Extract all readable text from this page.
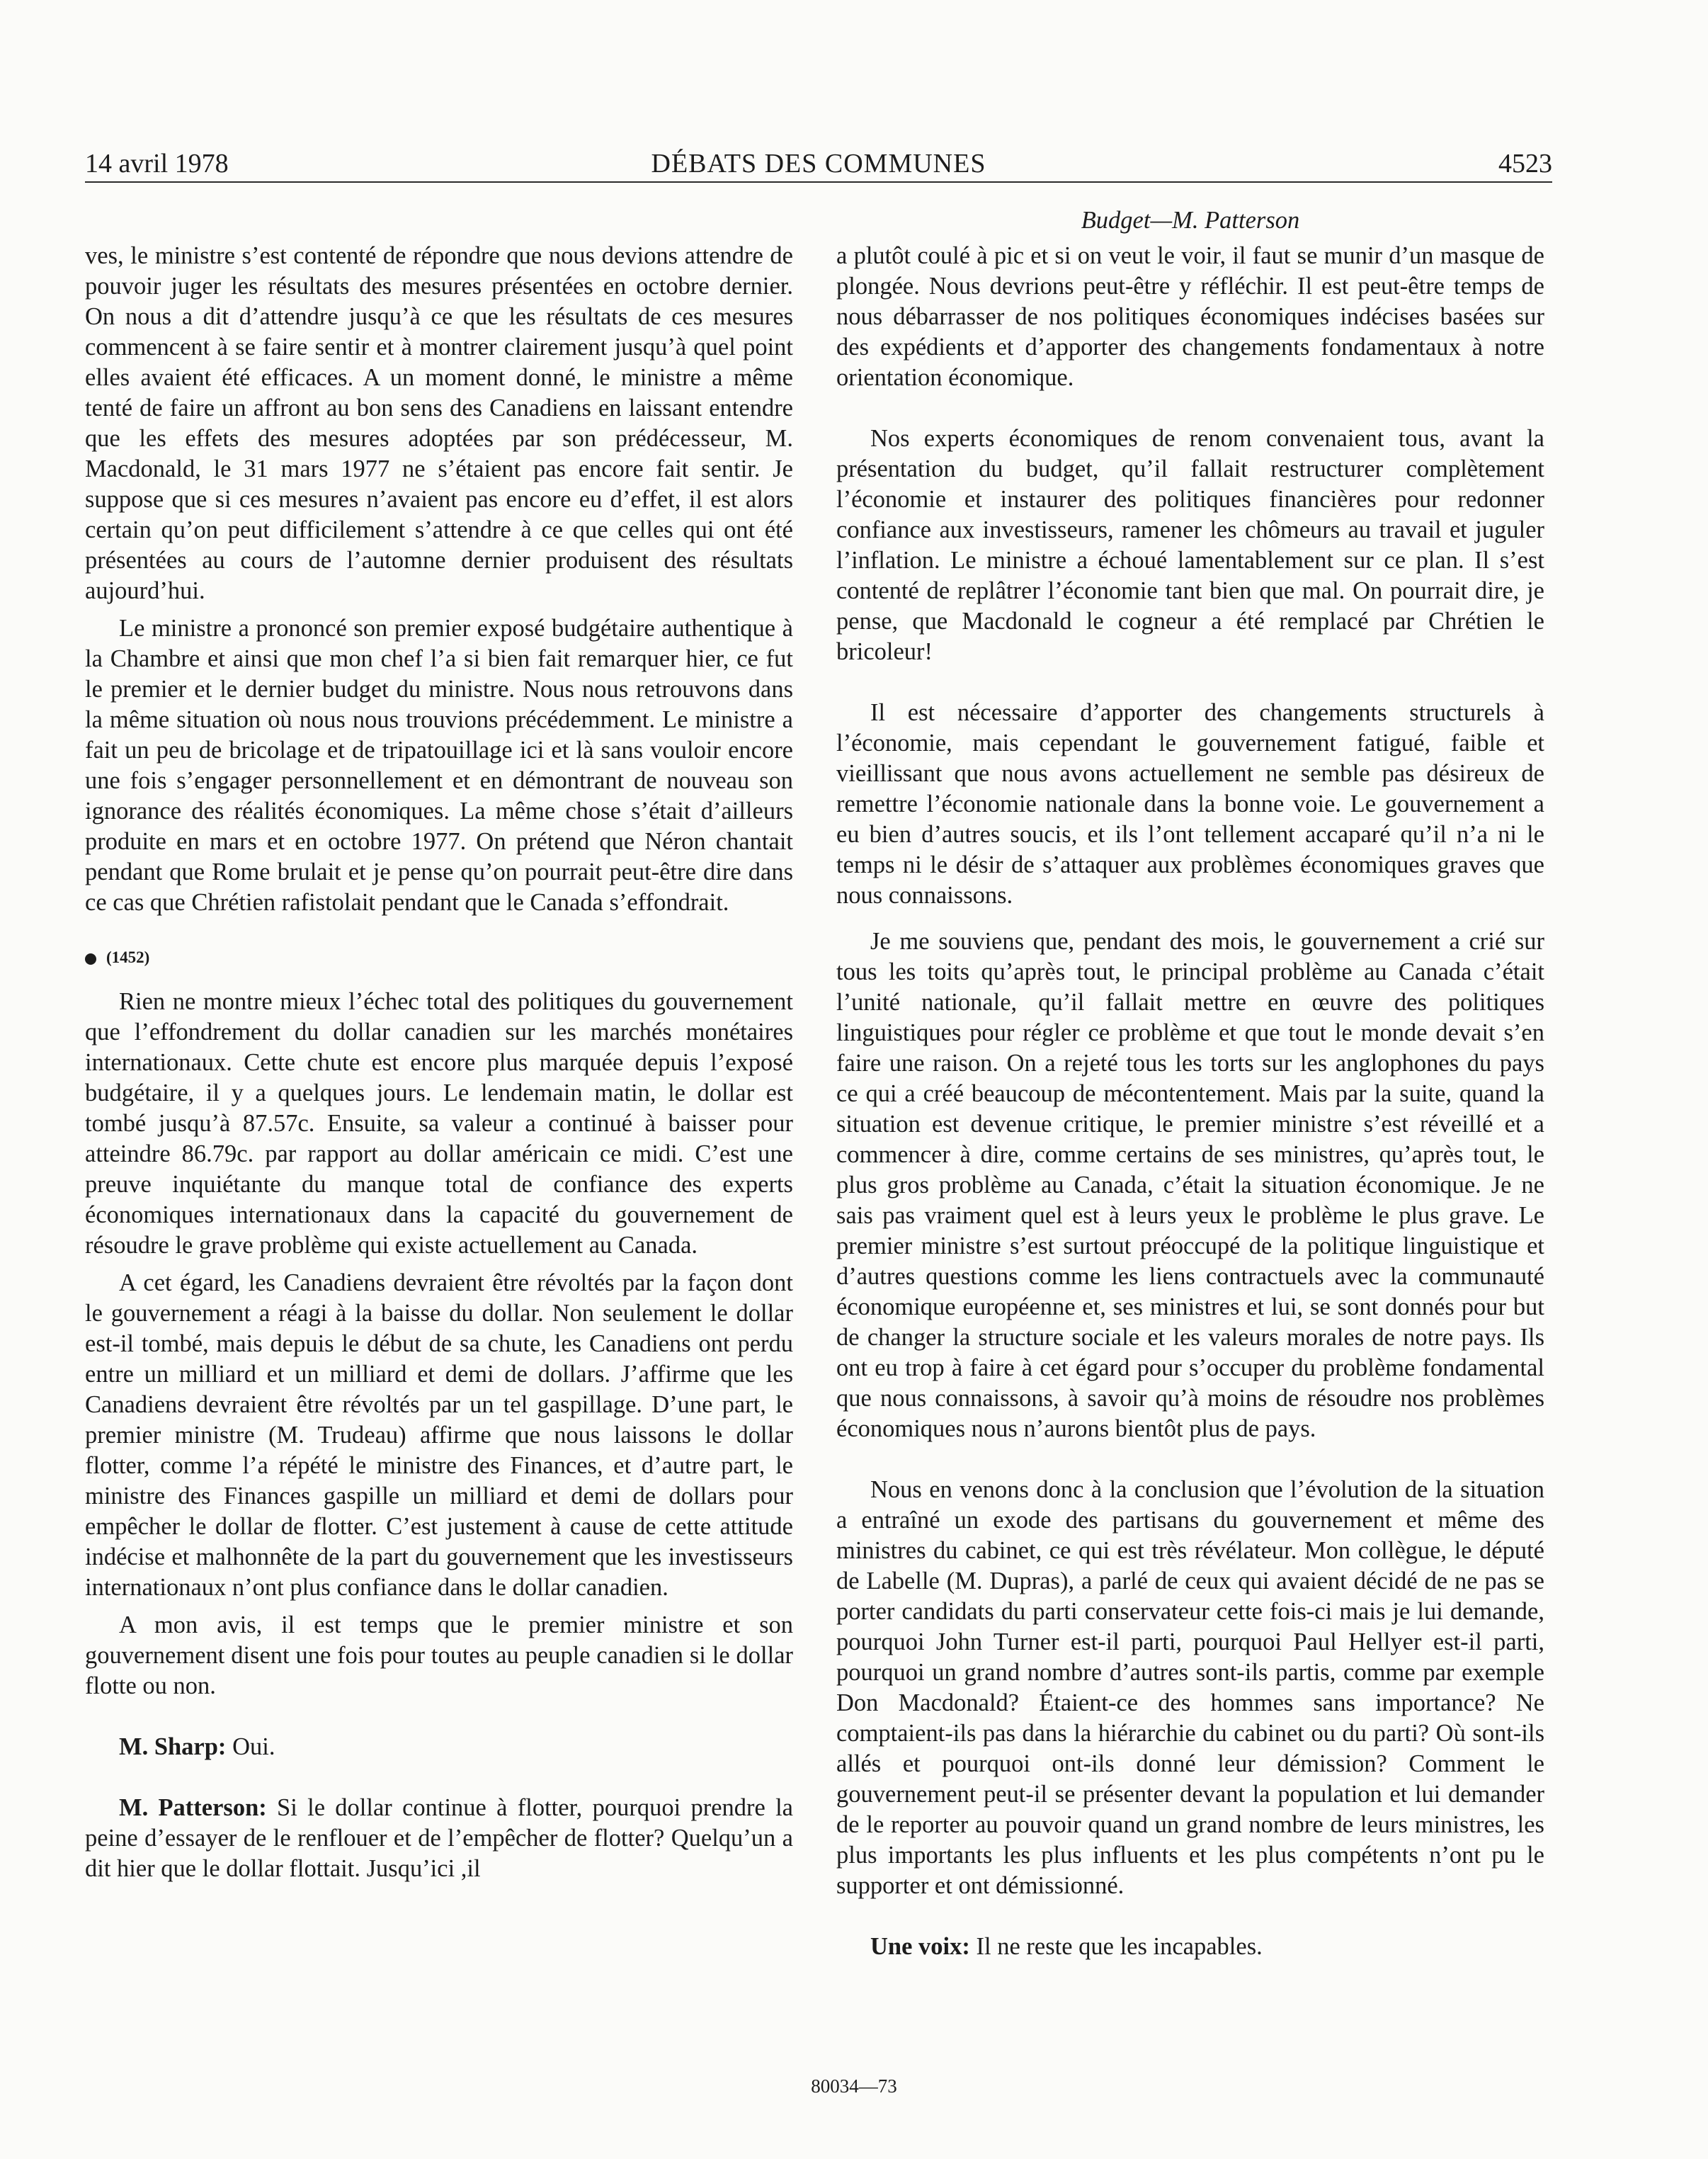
14 avril 1978	DÉBATS DES COMMUNES	4523
Budget—M. Patterson

ves, le ministre s’est contenté de répondre que nous devions attendre de pouvoir juger les résultats des mesures présentées en octobre dernier. On nous a dit d’attendre jusqu’à ce que les résultats de ces mesures commencent à se faire sentir et à montrer clairement jusqu’à quel point elles avaient été efficaces. A un moment donné, le ministre a même tenté de faire un affront au bon sens des Canadiens en laissant entendre que les effets des mesures adoptées par son prédécesseur, M. Macdonald, le 31 mars 1977 ne s’étaient pas encore fait sentir. Je suppose que si ces mesures n’avaient pas encore eu d’effet, il est alors certain qu’on peut difficilement s’attendre à ce que celles qui ont été présentées au cours de l’automne dernier produisent des résultats aujourd’hui.

Le ministre a prononcé son premier exposé budgétaire authentique à la Chambre et ainsi que mon chef l’a si bien fait remarquer hier, ce fut le premier et le dernier budget du ministre. Nous nous retrouvons dans la même situation où nous nous trouvions précédemment. Le ministre a fait un peu de bricolage et de tripatouillage ici et là sans vouloir encore une fois s’engager personnellement et en démontrant de nouveau son ignorance des réalités économiques. La même chose s’était d’ailleurs produite en mars et en octobre 1977. On prétend que Néron chantait pendant que Rome brulait et je pense qu’on pourrait peut-être dire dans ce cas que Chrétien rafistolait pendant que le Canada s’effondrait.

(1452)

Rien ne montre mieux l’échec total des politiques du gouvernement que l’effondrement du dollar canadien sur les marchés monétaires internationaux. Cette chute est encore plus marquée depuis l’exposé budgétaire, il y a quelques jours. Le lendemain matin, le dollar est tombé jusqu’à 87.57c. Ensuite, sa valeur a continué à baisser pour atteindre 86.79c. par rapport au dollar américain ce midi. C’est une preuve inquiétante du manque total de confiance des experts économiques internationaux dans la capacité du gouvernement de résoudre le grave problème qui existe actuellement au Canada.

A cet égard, les Canadiens devraient être révoltés par la façon dont le gouvernement a réagi à la baisse du dollar. Non seulement le dollar est-il tombé, mais depuis le début de sa chute, les Canadiens ont perdu entre un milliard et un milliard et demi de dollars. J’affirme que les Canadiens devraient être révoltés par un tel gaspillage. D’une part, le premier ministre (M. Trudeau) affirme que nous laissons le dollar flotter, comme l’a répété le ministre des Finances, et d’autre part, le ministre des Finances gaspille un milliard et demi de dollars pour empêcher le dollar de flotter. C’est justement à cause de cette attitude indécise et malhonnête de la part du gouvernement que les investisseurs internationaux n’ont plus confiance dans le dollar canadien.

A mon avis, il est temps que le premier ministre et son gouvernement disent une fois pour toutes au peuple canadien si le dollar flotte ou non.

M. Sharp: Oui.

M. Patterson: Si le dollar continue à flotter, pourquoi prendre la peine d’essayer de le renflouer et de l’empêcher de flotter? Quelqu’un a dit hier que le dollar flottait. Jusqu’ici ,il

a plutôt coulé à pic et si on veut le voir, il faut se munir d’un masque de plongée. Nous devrions peut-être y réfléchir. Il est peut-être temps de nous débarrasser de nos politiques économiques indécises basées sur des expédients et d’apporter des changements fondamentaux à notre orientation économique.

Nos experts économiques de renom convenaient tous, avant la présentation du budget, qu’il fallait restructurer complètement l’économie et instaurer des politiques financières pour redonner confiance aux investisseurs, ramener les chômeurs au travail et juguler l’inflation. Le ministre a échoué lamentablement sur ce plan. Il s’est contenté de replâtrer l’économie tant bien que mal. On pourrait dire, je pense, que Macdonald le cogneur a été remplacé par Chrétien le bricoleur!

Il est nécessaire d’apporter des changements structurels à l’économie, mais cependant le gouvernement fatigué, faible et vieillissant que nous avons actuellement ne semble pas désireux de remettre l’économie nationale dans la bonne voie. Le gouvernement a eu bien d’autres soucis, et ils l’ont tellement accaparé qu’il n’a ni le temps ni le désir de s’attaquer aux problèmes économiques graves que nous connaissons.

Je me souviens que, pendant des mois, le gouvernement a crié sur tous les toits qu’après tout, le principal problème au Canada c’était l’unité nationale, qu’il fallait mettre en œuvre des politiques linguistiques pour régler ce problème et que tout le monde devait s’en faire une raison. On a rejeté tous les torts sur les anglophones du pays ce qui a créé beaucoup de mécontentement. Mais par la suite, quand la situation est devenue critique, le premier ministre s’est réveillé et a commencer à dire, comme certains de ses ministres, qu’après tout, le plus gros problème au Canada, c’était la situation économique. Je ne sais pas vraiment quel est à leurs yeux le problème le plus grave. Le premier ministre s’est surtout préoccupé de la politique linguistique et d’autres questions comme les liens contractuels avec la communauté économique européenne et, ses ministres et lui, se sont donnés pour but de changer la structure sociale et les valeurs morales de notre pays. Ils ont eu trop à faire à cet égard pour s’occuper du problème fondamental que nous connaissons, à savoir qu’à moins de résoudre nos problèmes économiques nous n’aurons bientôt plus de pays.

Nous en venons donc à la conclusion que l’évolution de la situation a entraîné un exode des partisans du gouvernement et même des ministres du cabinet, ce qui est très révélateur. Mon collègue, le député de Labelle (M. Dupras), a parlé de ceux qui avaient décidé de ne pas se porter candidats du parti conservateur cette fois-ci mais je lui demande, pourquoi John Turner est-il parti, pourquoi Paul Hellyer est-il parti, pourquoi un grand nombre d’autres sont-ils partis, comme par exemple Don Macdonald? Étaient-ce des hommes sans importance? Ne comptaient-ils pas dans la hiérarchie du cabinet ou du parti? Où sont-ils allés et pourquoi ont-ils donné leur démission? Comment le gouvernement peut-il se présenter devant la population et lui demander de le reporter au pouvoir quand un grand nombre de leurs ministres, les plus importants les plus influents et les plus compétents n’ont pu le supporter et ont démissionné.

Une voix: Il ne reste que les incapables.

80034—73
